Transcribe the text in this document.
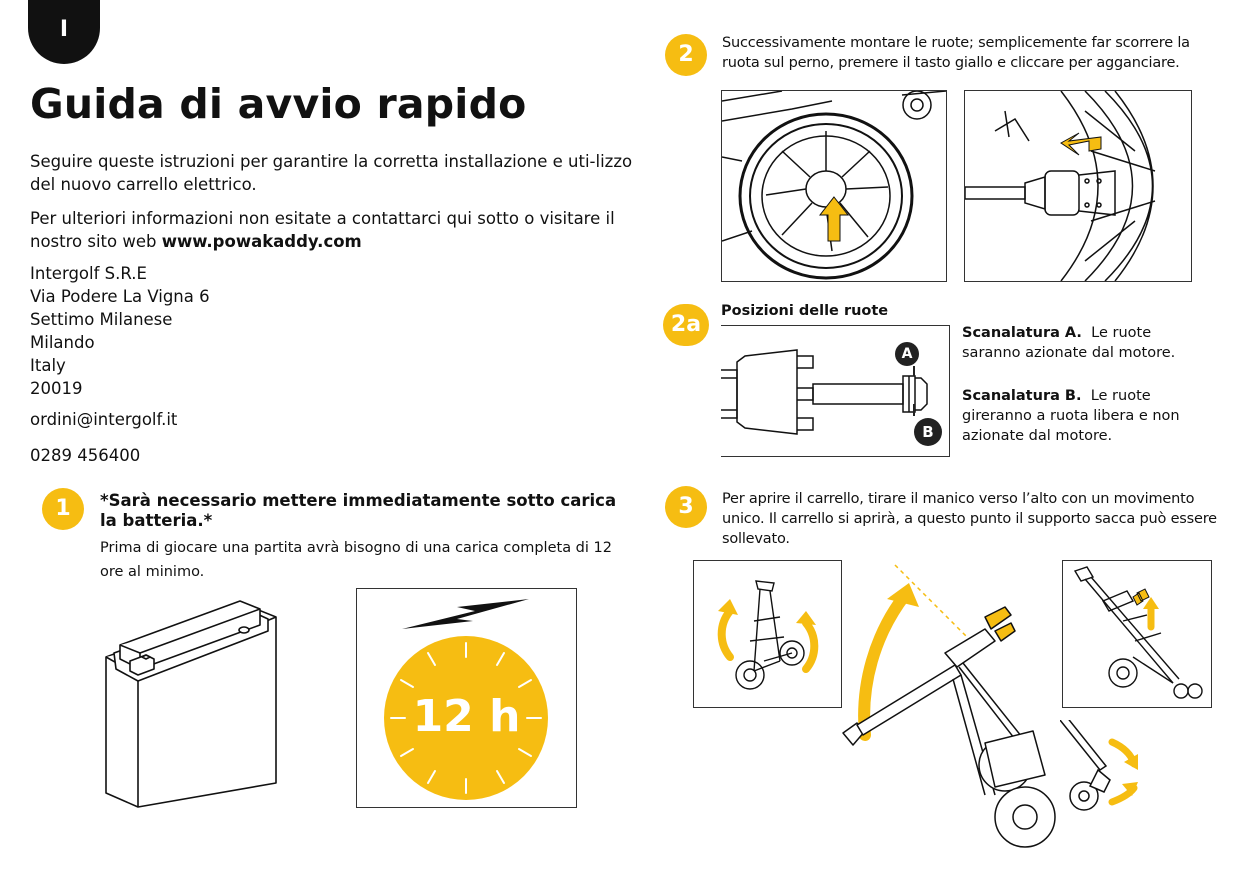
I
Guida di avvio rapido

Seguire queste istruzioni per garantire la corretta installazione e uti-lizzo del nuovo carrello elettrico.

Per ulteriori informazioni non esitate a contattarci qui sotto o visitare il nostro sito web www.powakaddy.com

Intergolf S.R.E
Via Podere La Vigna 6
Settimo Milanese
Milando
Italy
20019
ordini@intergolf.it
0289 456400
1	*Sarà necessario mettere immediatamente sotto carica la batteria.*
Prima di giocare una partita avrà bisogno di una carica completa di 12 ore al minimo.
12 h
2	Successivamente montare le ruote; semplicemente far scorrere la ruota sul perno, premere il tasto giallo e cliccare per agganciare.
2a
Posizioni delle ruote
A
B
Scanalatura A. Le ruote saranno azionate dal motore.
Scanalatura B. Le ruote gireranno a ruota libera e non azionate dal motore.
3	Per aprire il carrello, tirare il manico verso l’alto con un movimento unico. Il carrello si aprirà, a questo punto il supporto sacca può essere sollevato.
